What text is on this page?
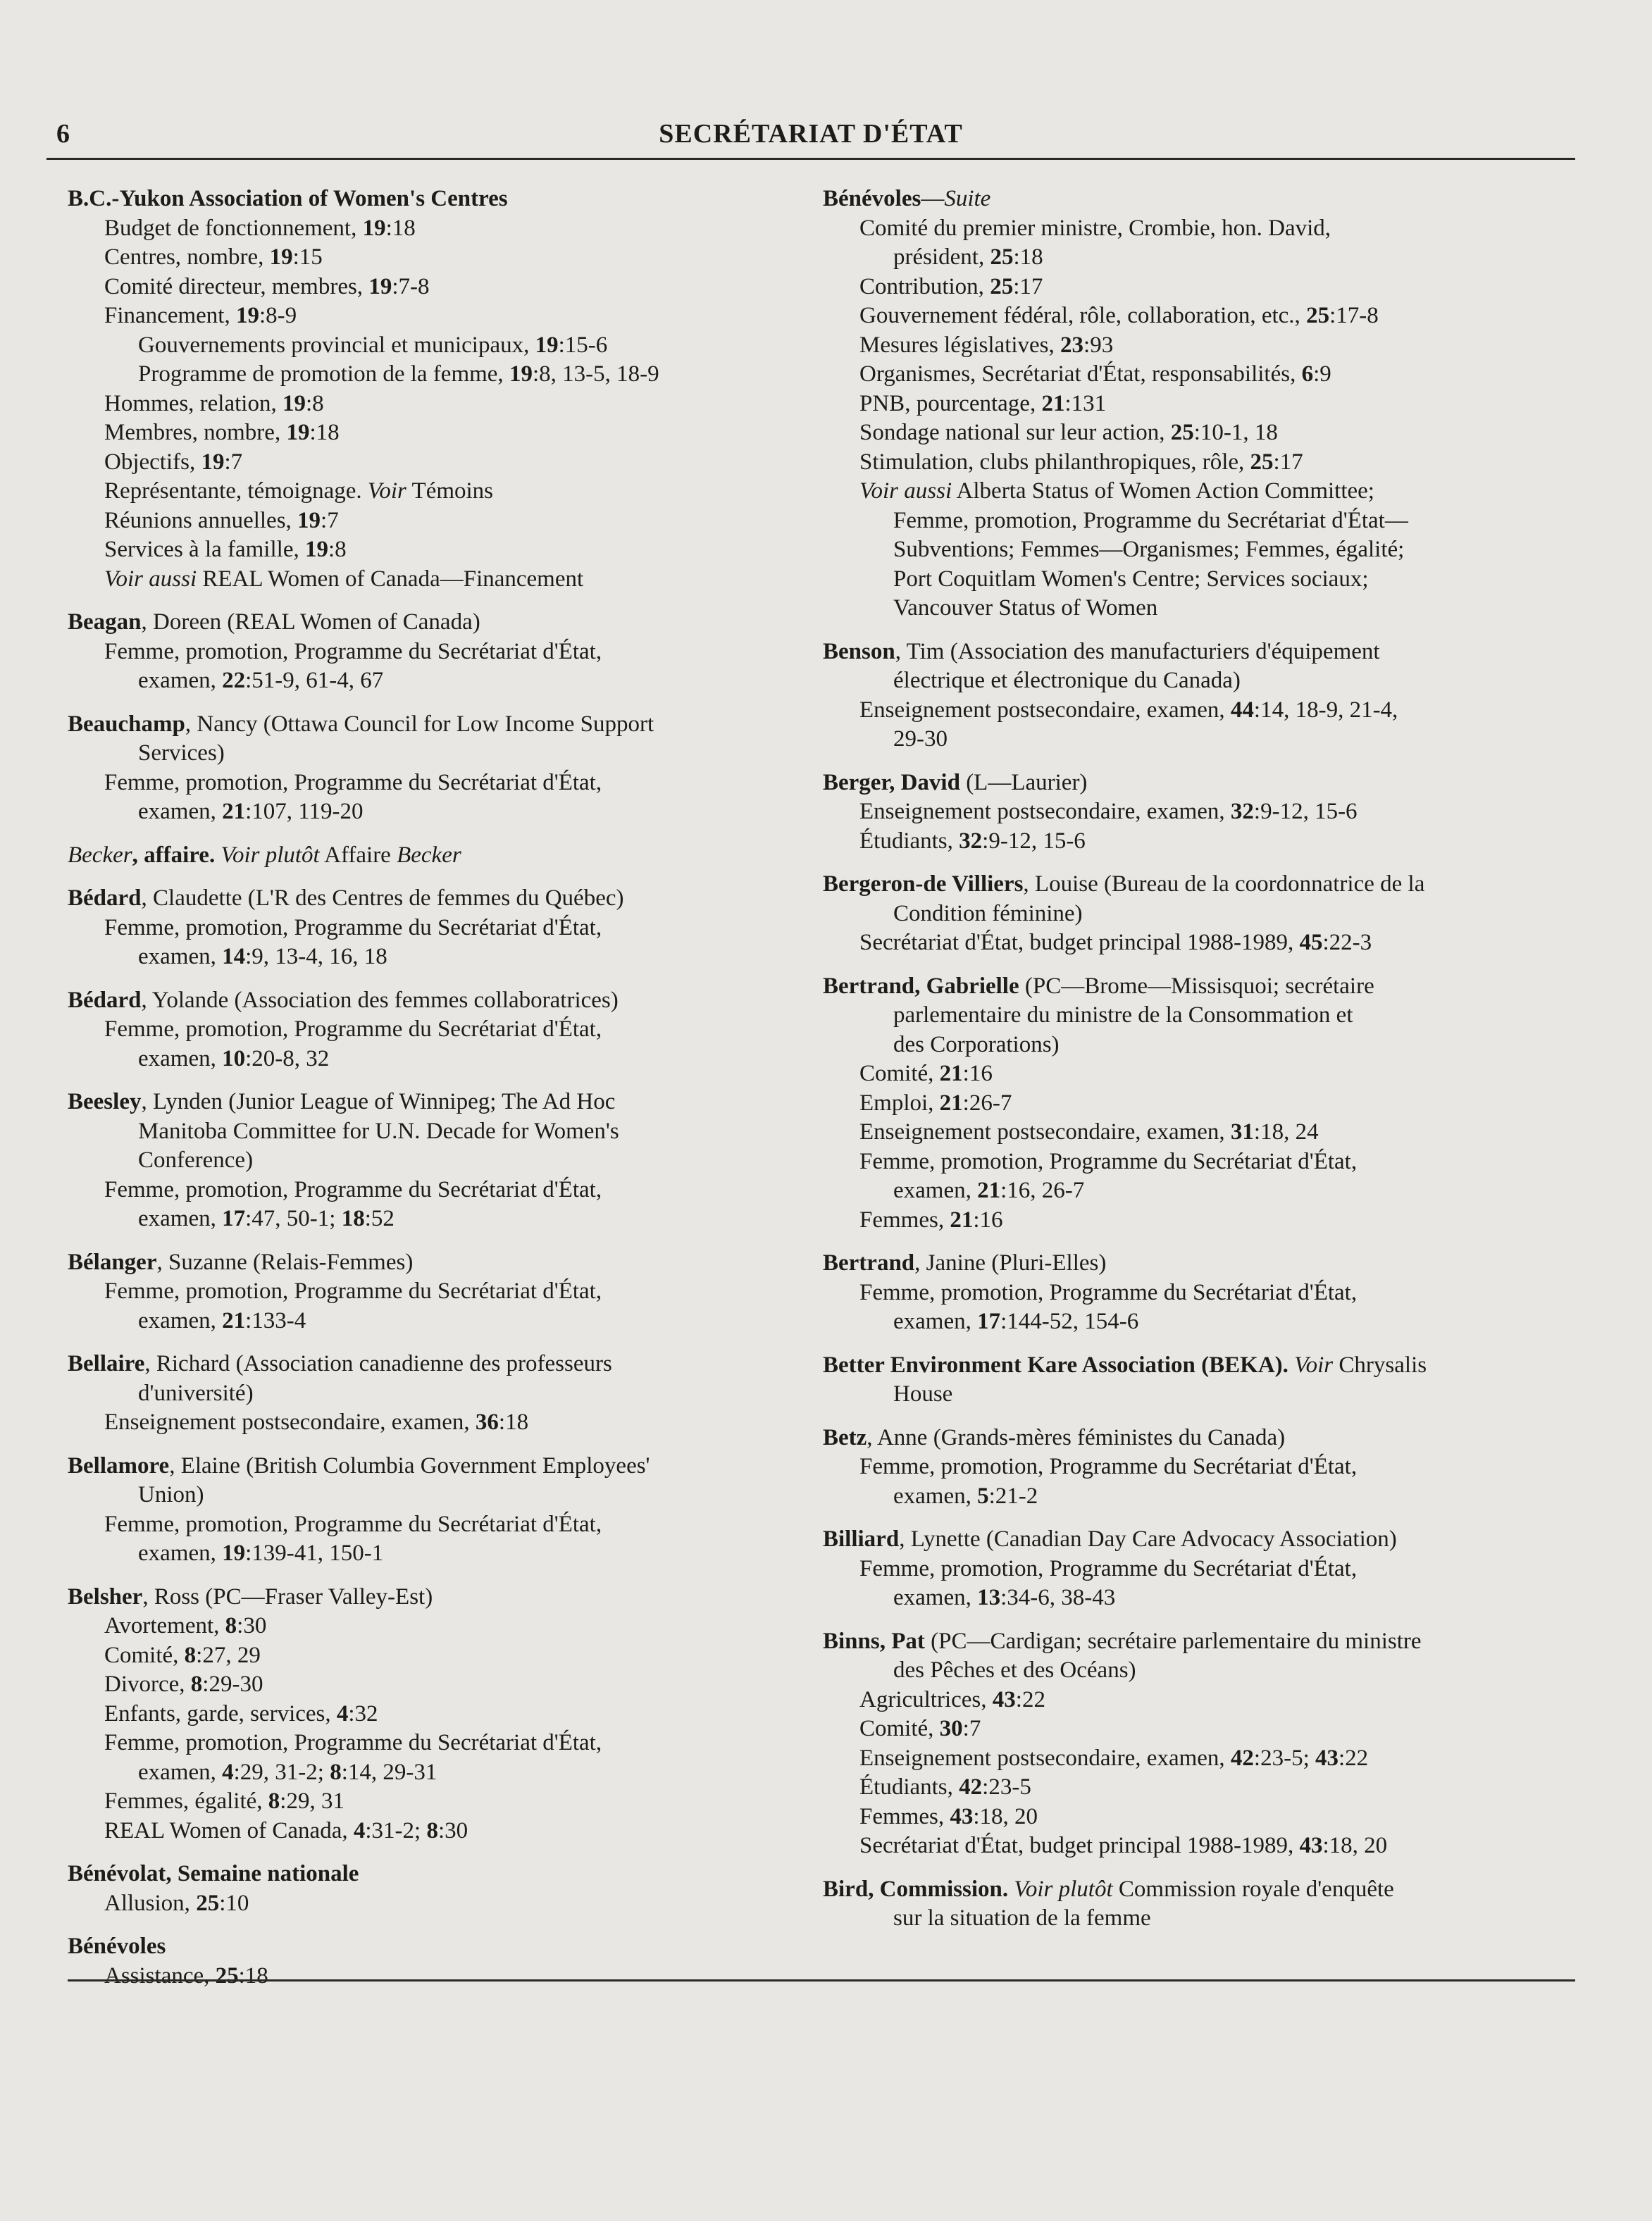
6	SECRÉTARIAT D'ÉTAT
B.C.-Yukon Association of Women's Centres
Budget de fonctionnement, 19:18
Centres, nombre, 19:15
Comité directeur, membres, 19:7-8
Financement, 19:8-9
Gouvernements provincial et municipaux, 19:15-6
Programme de promotion de la femme, 19:8, 13-5, 18-9
Hommes, relation, 19:8
Membres, nombre, 19:18
Objectifs, 19:7
Représentante, témoignage. Voir Témoins
Réunions annuelles, 19:7
Services à la famille, 19:8
Voir aussi REAL Women of Canada—Financement
Beagan, Doreen (REAL Women of Canada)
Femme, promotion, Programme du Secrétariat d'État,
examen, 22:51-9, 61-4, 67
Beauchamp, Nancy (Ottawa Council for Low Income Support
Services)
Femme, promotion, Programme du Secrétariat d'État,
examen, 21:107, 119-20
Becker, affaire. Voir plutôt Affaire Becker
Bédard, Claudette (L'R des Centres de femmes du Québec)
Femme, promotion, Programme du Secrétariat d'État,
examen, 14:9, 13-4, 16, 18
Bédard, Yolande (Association des femmes collaboratrices)
Femme, promotion, Programme du Secrétariat d'État,
examen, 10:20-8, 32
Beesley, Lynden (Junior League of Winnipeg; The Ad Hoc
Manitoba Committee for U.N. Decade for Women's
Conference)
Femme, promotion, Programme du Secrétariat d'État,
examen, 17:47, 50-1; 18:52
Bélanger, Suzanne (Relais-Femmes)
Femme, promotion, Programme du Secrétariat d'État,
examen, 21:133-4
Bellaire, Richard (Association canadienne des professeurs
d'université)
Enseignement postsecondaire, examen, 36:18
Bellamore, Elaine (British Columbia Government Employees'
Union)
Femme, promotion, Programme du Secrétariat d'État,
examen, 19:139-41, 150-1
Belsher, Ross (PC—Fraser Valley-Est)
Avortement, 8:30
Comité, 8:27, 29
Divorce, 8:29-30
Enfants, garde, services, 4:32
Femme, promotion, Programme du Secrétariat d'État,
examen, 4:29, 31-2; 8:14, 29-31
Femmes, égalité, 8:29, 31
REAL Women of Canada, 4:31-2; 8:30
Bénévolat, Semaine nationale
Allusion, 25:10
Bénévoles
Assistance, 25:18
Bénévoles—Suite
Comité du premier ministre, Crombie, hon. David,
président, 25:18
Contribution, 25:17
Gouvernement fédéral, rôle, collaboration, etc., 25:17-8
Mesures législatives, 23:93
Organismes, Secrétariat d'État, responsabilités, 6:9
PNB, pourcentage, 21:131
Sondage national sur leur action, 25:10-1, 18
Stimulation, clubs philanthropiques, rôle, 25:17
Voir aussi Alberta Status of Women Action Committee;
Femme, promotion, Programme du Secrétariat d'État—
Subventions; Femmes—Organismes; Femmes, égalité;
Port Coquitlam Women's Centre; Services sociaux;
Vancouver Status of Women
Benson, Tim (Association des manufacturiers d'équipement
électrique et électronique du Canada)
Enseignement postsecondaire, examen, 44:14, 18-9, 21-4,
29-30
Berger, David (L—Laurier)
Enseignement postsecondaire, examen, 32:9-12, 15-6
Étudiants, 32:9-12, 15-6
Bergeron-de Villiers, Louise (Bureau de la coordonnatrice de la
Condition féminine)
Secrétariat d'État, budget principal 1988-1989, 45:22-3
Bertrand, Gabrielle (PC—Brome—Missisquoi; secrétaire
parlementaire du ministre de la Consommation et
des Corporations)
Comité, 21:16
Emploi, 21:26-7
Enseignement postsecondaire, examen, 31:18, 24
Femme, promotion, Programme du Secrétariat d'État,
examen, 21:16, 26-7
Femmes, 21:16
Bertrand, Janine (Pluri-Elles)
Femme, promotion, Programme du Secrétariat d'État,
examen, 17:144-52, 154-6
Better Environment Kare Association (BEKA). Voir Chrysalis
House
Betz, Anne (Grands-mères féministes du Canada)
Femme, promotion, Programme du Secrétariat d'État,
examen, 5:21-2
Billiard, Lynette (Canadian Day Care Advocacy Association)
Femme, promotion, Programme du Secrétariat d'État,
examen, 13:34-6, 38-43
Binns, Pat (PC—Cardigan; secrétaire parlementaire du ministre
des Pêches et des Océans)
Agricultrices, 43:22
Comité, 30:7
Enseignement postsecondaire, examen, 42:23-5; 43:22
Étudiants, 42:23-5
Femmes, 43:18, 20
Secrétariat d'État, budget principal 1988-1989, 43:18, 20
Bird, Commission. Voir plutôt Commission royale d'enquête
sur la situation de la femme
